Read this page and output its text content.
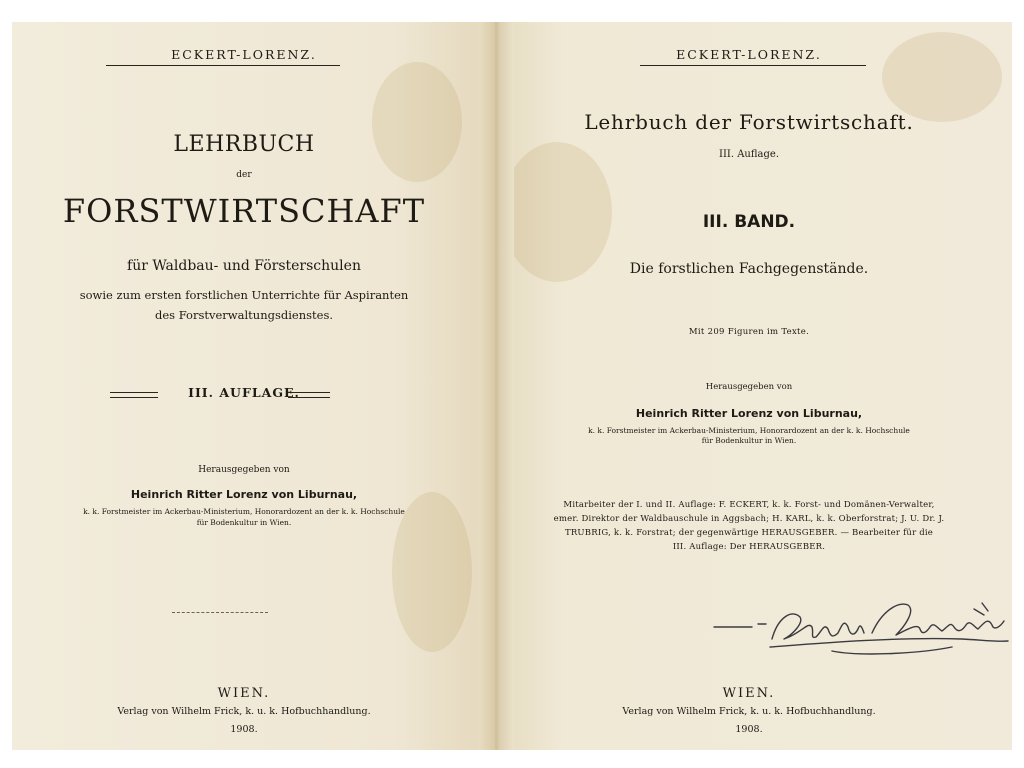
ECKERT-LORENZ.
LEHRBUCH
der
FORSTWIRTSCHAFT
für Waldbau- und Försterschulen
sowie zum ersten forstlichen Unterrichte für Aspiranten
des Forstverwaltungsdienstes.
III. AUFLAGE.
Herausgegeben von
Heinrich Ritter Lorenz von Liburnau,
k. k. Forstmeister im Ackerbau-Ministerium, Honorardozent an der k. k. Hochschule
für Bodenkultur in Wien.
WIEN.
Verlag von Wilhelm Frick, k. u. k. Hofbuchhandlung.
1908.
ECKERT-LORENZ.
Lehrbuch der Forstwirtschaft.
III. Auflage.
III. BAND.
Die forstlichen Fachgegenstände.
Mit 209 Figuren im Texte.
Herausgegeben von
Heinrich Ritter Lorenz von Liburnau,
k. k. Forstmeister im Ackerbau-Ministerium, Honorardozent an der k. k. Hochschule
für Bodenkultur in Wien.
Mitarbeiter der I. und II. Auflage: F. ECKERT, k. k. Forst- und Domänen-Verwalter,
emer. Direktor der Waldbauschule in Aggsbach; H. KARL, k. k. Oberforstrat; J. U. Dr. J.
TRUBRIG, k. k. Forstrat; der gegenwärtige HERAUSGEBER. — Bearbeiter für die
III. Auflage: Der HERAUSGEBER.
WIEN.
Verlag von Wilhelm Frick, k. u. k. Hofbuchhandlung.
1908.
